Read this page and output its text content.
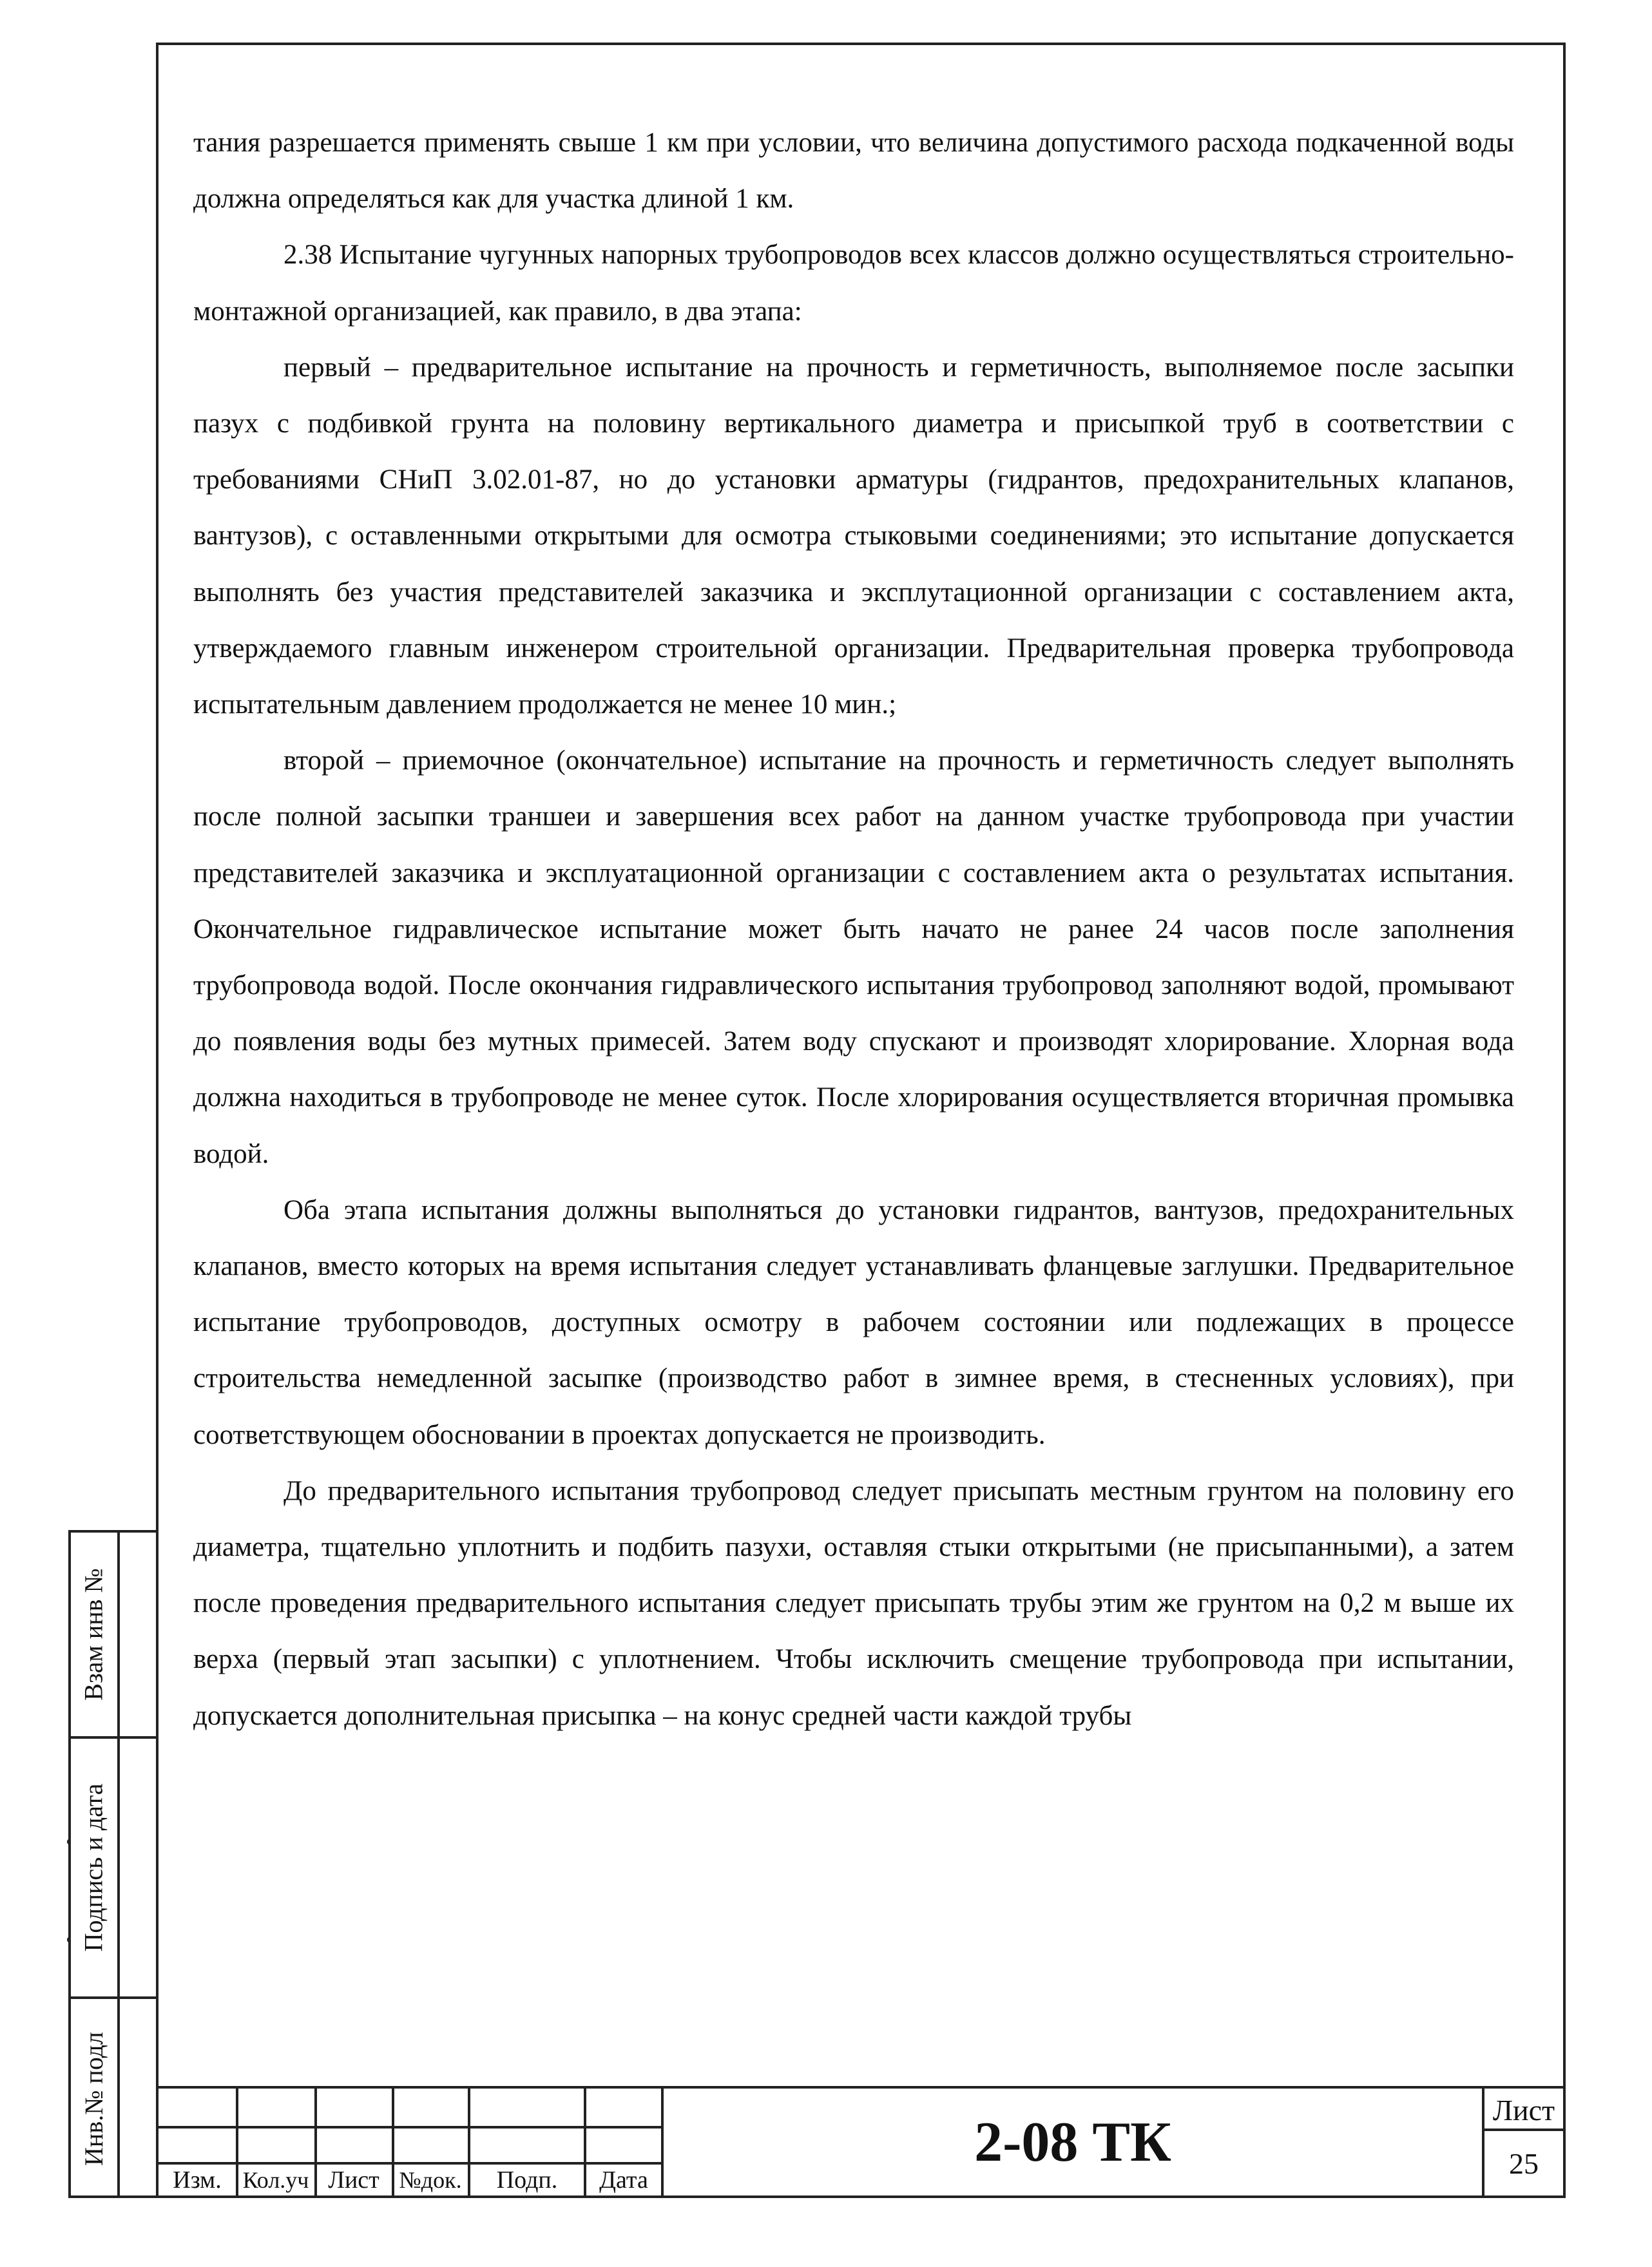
Взам инв №
Подпись и дата
Инв.№ подл

тания разрешается применять свыше 1 км при условии, что величина допустимого расхода подкаченной воды должна определяться как для участка длиной 1 км.

2.38 Испытание чугунных напорных трубопроводов всех классов должно осуществляться строительно-монтажной организацией, как правило, в два этапа:

первый – предварительное испытание на прочность и герметичность, выполняемое после засыпки пазух с подбивкой грунта на половину вертикального диаметра и присыпкой труб в соответствии с требованиями СНиП 3.02.01-87, но до установки арматуры (гидрантов, предохранительных клапанов, вантузов), с оставленными открытыми для осмотра стыковыми соединениями; это испытание допускается выполнять без участия представителей заказчика и эксплутационной организации с составлением акта, утверждаемого главным инженером строительной организации. Предварительная проверка трубопровода испытательным давлением продолжается не менее 10 мин.;

второй – приемочное (окончательное) испытание на прочность и герметичность следует выполнять после полной засыпки траншеи и завершения всех работ на данном участке трубопровода при участии представителей заказчика и эксплуатационной организации с составлением акта о результатах испытания. Окончательное гидравлическое испытание может быть начато не ранее 24 часов после заполнения трубопровода водой. После окончания гидравлического испытания трубопровод заполняют водой, промывают до появления воды без мутных примесей. Затем воду спускают и производят хлорирование. Хлорная вода должна находиться в трубопроводе не менее суток. После хлорирования осуществляется вторичная промывка водой.

Оба этапа испытания должны выполняться до установки гидрантов, вантузов, предохранительных клапанов, вместо которых на время испытания следует устанавливать фланцевые заглушки. Предварительное испытание трубопроводов, доступных осмотру в рабочем состоянии или подлежащих в процессе строительства немедленной засыпке (производство работ в зимнее время, в стесненных условиях), при соответствующем обосновании в проектах допускается не производить.

До предварительного испытания трубопровод следует присыпать местным грунтом на половину его диаметра, тщательно уплотнить и подбить пазухи, оставляя стыки открытыми (не присыпанными), а затем после проведения предварительного испытания следует присыпать трубы этим же грунтом на 0,2 м выше их верха (первый этап засыпки) с уплотнением. Чтобы исключить смещение трубопровода при испытании, допускается дополнительная присыпка – на конус средней части каждой трубы

Изм. Кол.уч Лист №док.	Подп.	Дата
2-08 ТК
Лист
25
